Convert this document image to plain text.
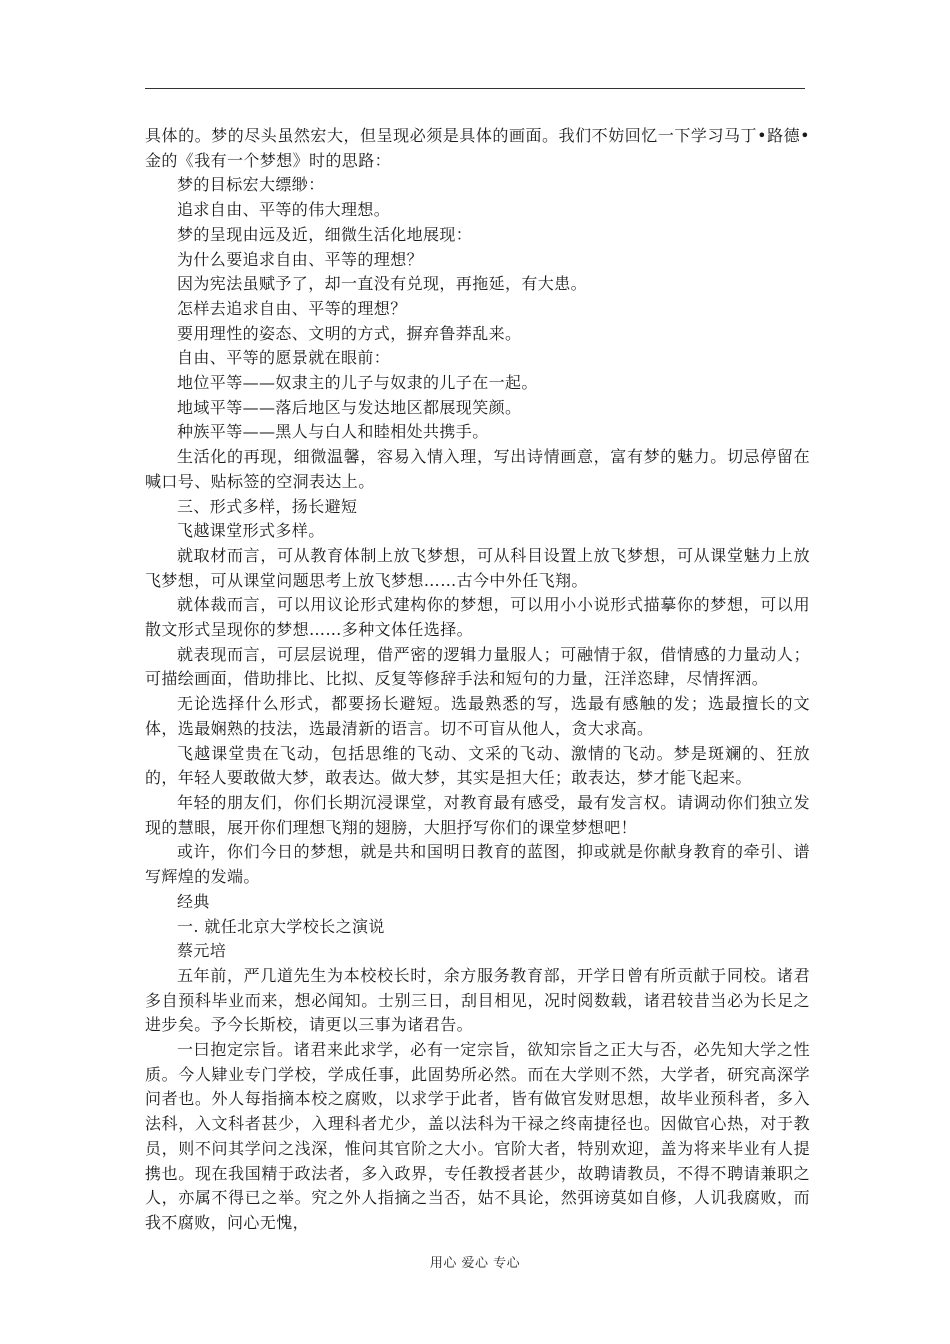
具体的。梦的尽头虽然宏大，但呈现必须是具体的画面。我们不妨回忆一下学习马丁•路德•金的《我有一个梦想》时的思路：

梦的目标宏大缥缈：

追求自由、平等的伟大理想。

梦的呈现由远及近，细微生活化地展现：

为什么要追求自由、平等的理想？

因为宪法虽赋予了，却一直没有兑现，再拖延，有大患。

怎样去追求自由、平等的理想？

要用理性的姿态、文明的方式，摒弃鲁莽乱来。

自由、平等的愿景就在眼前：

地位平等——奴隶主的儿子与奴隶的儿子在一起。

地域平等——落后地区与发达地区都展现笑颜。

种族平等——黑人与白人和睦相处共携手。

生活化的再现，细微温馨，容易入情入理，写出诗情画意，富有梦的魅力。切忌停留在喊口号、贴标签的空洞表达上。

三、形式多样，扬长避短

飞越课堂形式多样。

就取材而言，可从教育体制上放飞梦想，可从科目设置上放飞梦想，可从课堂魅力上放飞梦想，可从课堂问题思考上放飞梦想……古今中外任飞翔。

就体裁而言，可以用议论形式建构你的梦想，可以用小小说形式描摹你的梦想，可以用散文形式呈现你的梦想……多种文体任选择。

就表现而言，可层层说理，借严密的逻辑力量服人；可融情于叙，借情感的力量动人；可描绘画面，借助排比、比拟、反复等修辞手法和短句的力量，汪洋恣肆，尽情挥洒。

无论选择什么形式，都要扬长避短。选最熟悉的写，选最有感触的发；选最擅长的文体，选最娴熟的技法，选最清新的语言。切不可盲从他人，贪大求高。

飞越课堂贵在飞动，包括思维的飞动、文采的飞动、激情的飞动。梦是斑斓的、狂放的，年轻人要敢做大梦，敢表达。做大梦，其实是担大任；敢表达，梦才能飞起来。

年轻的朋友们，你们长期沉浸课堂，对教育最有感受，最有发言权。请调动你们独立发现的慧眼，展开你们理想飞翔的翅膀，大胆抒写你们的课堂梦想吧！

或许，你们今日的梦想，就是共和国明日教育的蓝图，抑或就是你献身教育的牵引、谱写辉煌的发端。

经典

一. 就任北京大学校长之演说

蔡元培

五年前，严几道先生为本校校长时，余方服务教育部，开学日曾有所贡献于同校。诸君多自预科毕业而来，想必闻知。士别三日，刮目相见，况时阅数载，诸君较昔当必为长足之进步矣。予今长斯校，请更以三事为诸君告。

一曰抱定宗旨。诸君来此求学，必有一定宗旨，欲知宗旨之正大与否，必先知大学之性质。今人肄业专门学校，学成任事，此固势所必然。而在大学则不然，大学者，研究高深学问者也。外人每指摘本校之腐败，以求学于此者，皆有做官发财思想，故毕业预科者，多入法科，入文科者甚少，入理科者尤少，盖以法科为干禄之终南捷径也。因做官心热，对于教员，则不问其学问之浅深，惟问其官阶之大小。官阶大者，特别欢迎，盖为将来毕业有人提携也。现在我国精于政法者，多入政界，专任教授者甚少，故聘请教员，不得不聘请兼职之人，亦属不得已之举。究之外人指摘之当否，姑不具论，然弭谤莫如自修，人讥我腐败，而我不腐败，问心无愧，

用心 爱心 专心
